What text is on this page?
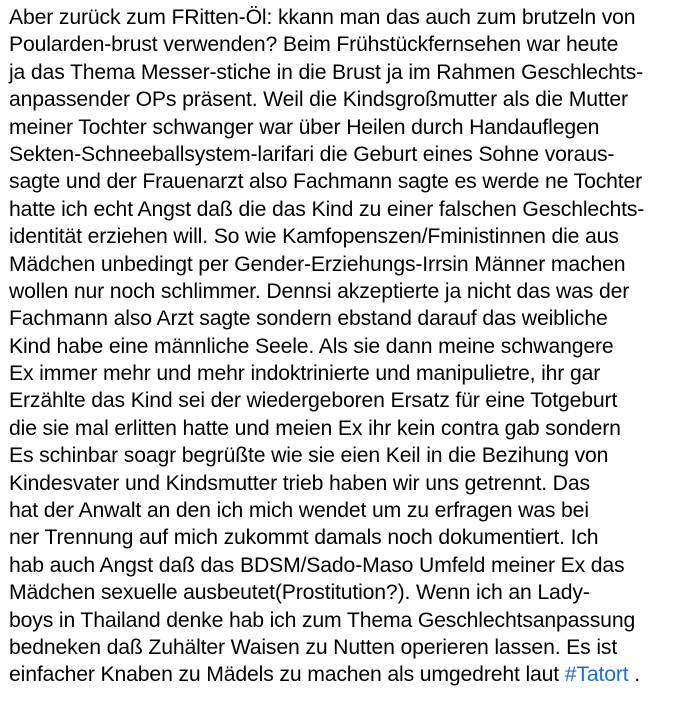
Aber zurück zum FRitten-Öl: kkann man das auch zum brutzeln von
Poularden-brust verwenden? Beim Frühstückfernsehen war heute
ja das Thema Messer-stiche in die Brust ja im Rahmen Geschlechts-
anpassender OPs präsent. Weil die Kindsgroßmutter als die Mutter
meiner Tochter schwanger war über Heilen durch Handauflegen
Sekten-Schneeballsystem-larifari die Geburt eines Sohne voraus-
sagte und der Frauenarzt also Fachmann sagte es werde ne Tochter
hatte ich echt Angst daß die das Kind zu einer falschen Geschlechts-
identität erziehen will. So wie Kamfopenszen/Fministinnen die aus
Mädchen unbedingt per Gender-Erziehungs-Irrsin Männer machen
wollen nur noch schlimmer. Dennsi akzeptierte ja nicht das was der
Fachmann also Arzt sagte sondern ebstand darauf das weibliche
Kind habe eine männliche Seele. Als sie dann meine schwangere
Ex immer mehr und mehr indoktrinierte und manipulietre, ihr gar
Erzählte das Kind sei der wiedergeboren Ersatz für eine Totgeburt
die sie mal erlitten hatte und meien Ex ihr kein contra gab sondern
Es schinbar soagr begrüßte wie sie eien Keil in die Bezihung von
Kindesvater und Kindsmutter trieb haben wir uns getrennt. Das
hat der Anwalt an den ich mich wendet um zu erfragen was bei
ner Trennung auf mich zukommt damals noch dokumentiert. Ich
hab auch Angst daß das BDSM/Sado-Maso Umfeld meiner Ex das
Mädchen sexuelle ausbeutet(Prostitution?). Wenn ich an Lady-
boys in Thailand denke hab ich zum Thema Geschlechtsanpassung
bedneken daß Zuhälter Waisen zu Nutten operieren lassen. Es ist
einfacher Knaben zu Mädels zu machen als umgedreht laut #Tatort .
